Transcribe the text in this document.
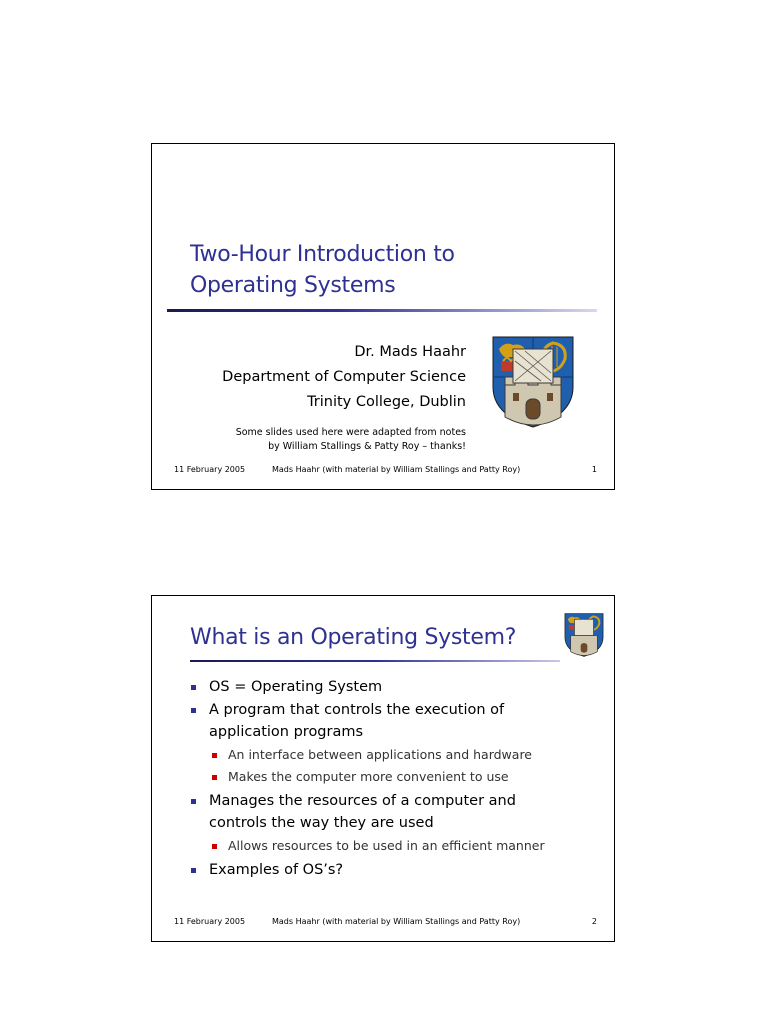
Two-Hour Introduction to
Operating Systems
Dr. Mads Haahr
Department of Computer Science
Trinity College, Dublin
Some slides used here were adapted from notes
by William Stallings & Patty Roy – thanks!
11 February 2005	Mads Haahr (with material by William Stallings and Patty Roy)	1
What is an Operating System?
OS = Operating System
A program that controls the execution of
application programs
An interface between applications and hardware
Makes the computer more convenient to use
Manages the resources of a computer and
controls the way they are used
Allows resources to be used in an efficient manner
Examples of OS’s?
11 February 2005	Mads Haahr (with material by William Stallings and Patty Roy)	2
